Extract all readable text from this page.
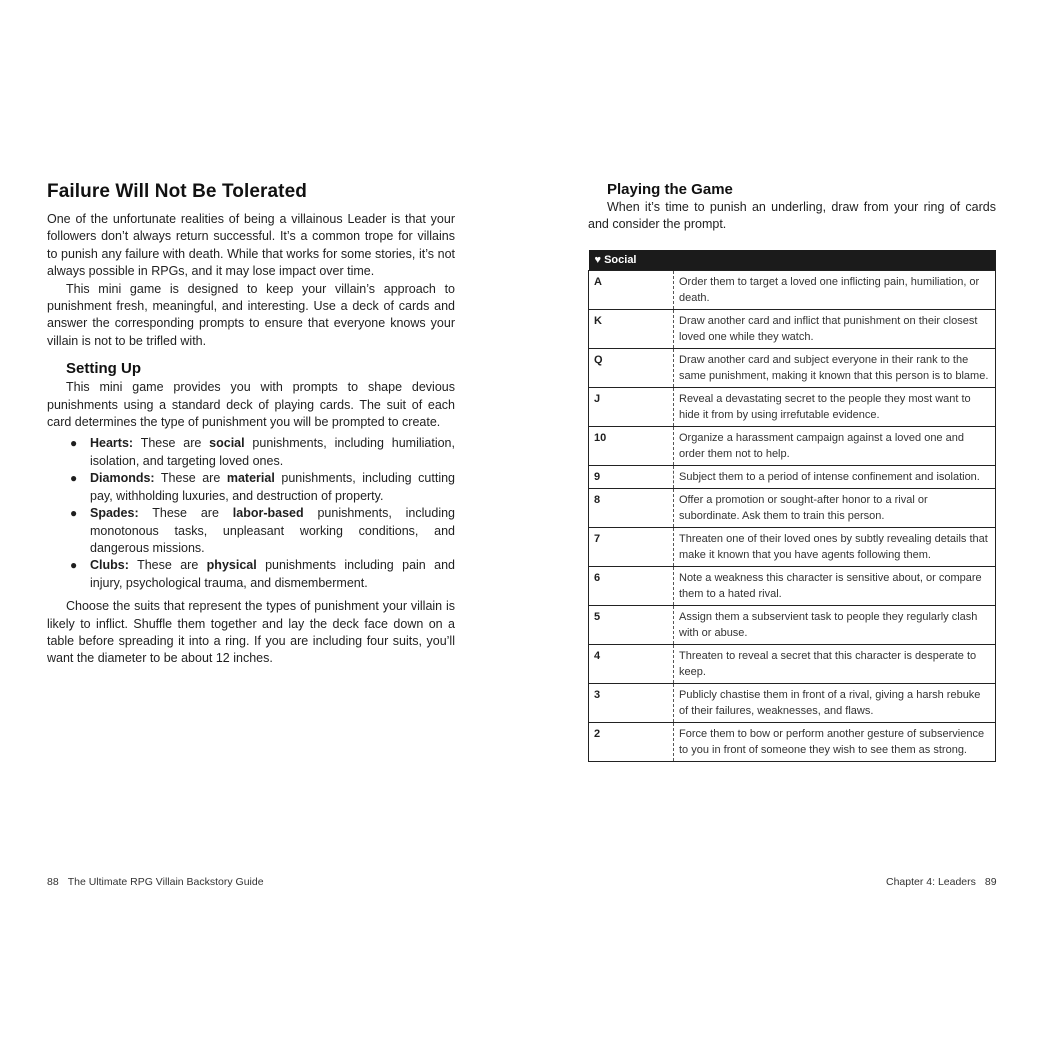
Failure Will Not Be Tolerated

One of the unfortunate realities of being a villainous Leader is that your followers don’t always return successful. It’s a common trope for villains to punish any failure with death. While that works for some stories, it’s not always possible in RPGs, and it may lose impact over time.

This mini game is designed to keep your villain’s approach to punishment fresh, meaningful, and interesting. Use a deck of cards and answer the corresponding prompts to ensure that everyone knows your villain is not to be trifled with.

Setting Up

This mini game provides you with prompts to shape devious punishments using a standard deck of playing cards. The suit of each card determines the type of punishment you will be prompted to create.

● Hearts: These are social punishments, including humiliation, isolation, and targeting loved ones.
● Diamonds: These are material punishments, including cutting pay, withholding luxuries, and destruction of property.
● Spades: These are labor-based punishments, including monotonous tasks, unpleasant working conditions, and dangerous missions.
● Clubs: These are physical punishments including pain and injury, psychological trauma, and dismemberment.

Choose the suits that represent the types of punishment your villain is likely to inflict. Shuffle them together and lay the deck face down on a table before spreading it into a ring. If you are including four suits, you’ll want the diameter to be about 12 inches.

Playing the Game

When it’s time to punish an underling, draw from your ring of cards and consider the prompt.

♥ Social	
A	Order them to target a loved one inflicting pain, humiliation, or death.
K	Draw another card and inflict that punishment on their closest loved one while they watch.
Q	Draw another card and subject everyone in their rank to the same punishment, making it known that this person is to blame.
J	Reveal a devastating secret to the people they most want to hide it from by using irrefutable evidence.
10	Organize a harassment campaign against a loved one and order them not to help.
9	Subject them to a period of intense confinement and isolation.
8	Offer a promotion or sought-after honor to a rival or subordinate. Ask them to train this person.
7	Threaten one of their loved ones by subtly revealing details that make it known that you have agents following them.
6	Note a weakness this character is sensitive about, or compare them to a hated rival.
5	Assign them a subservient task to people they regularly clash with or abuse.
4	Threaten to reveal a secret that this character is desperate to keep.
3	Publicly chastise them in front of a rival, giving a harsh rebuke of their failures, weaknesses, and flaws.
2	Force them to bow or perform another gesture of subservience to you in front of someone they wish to see them as strong.
88 The Ultimate RPG Villain Backstory Guide	Chapter 4: Leaders 89
